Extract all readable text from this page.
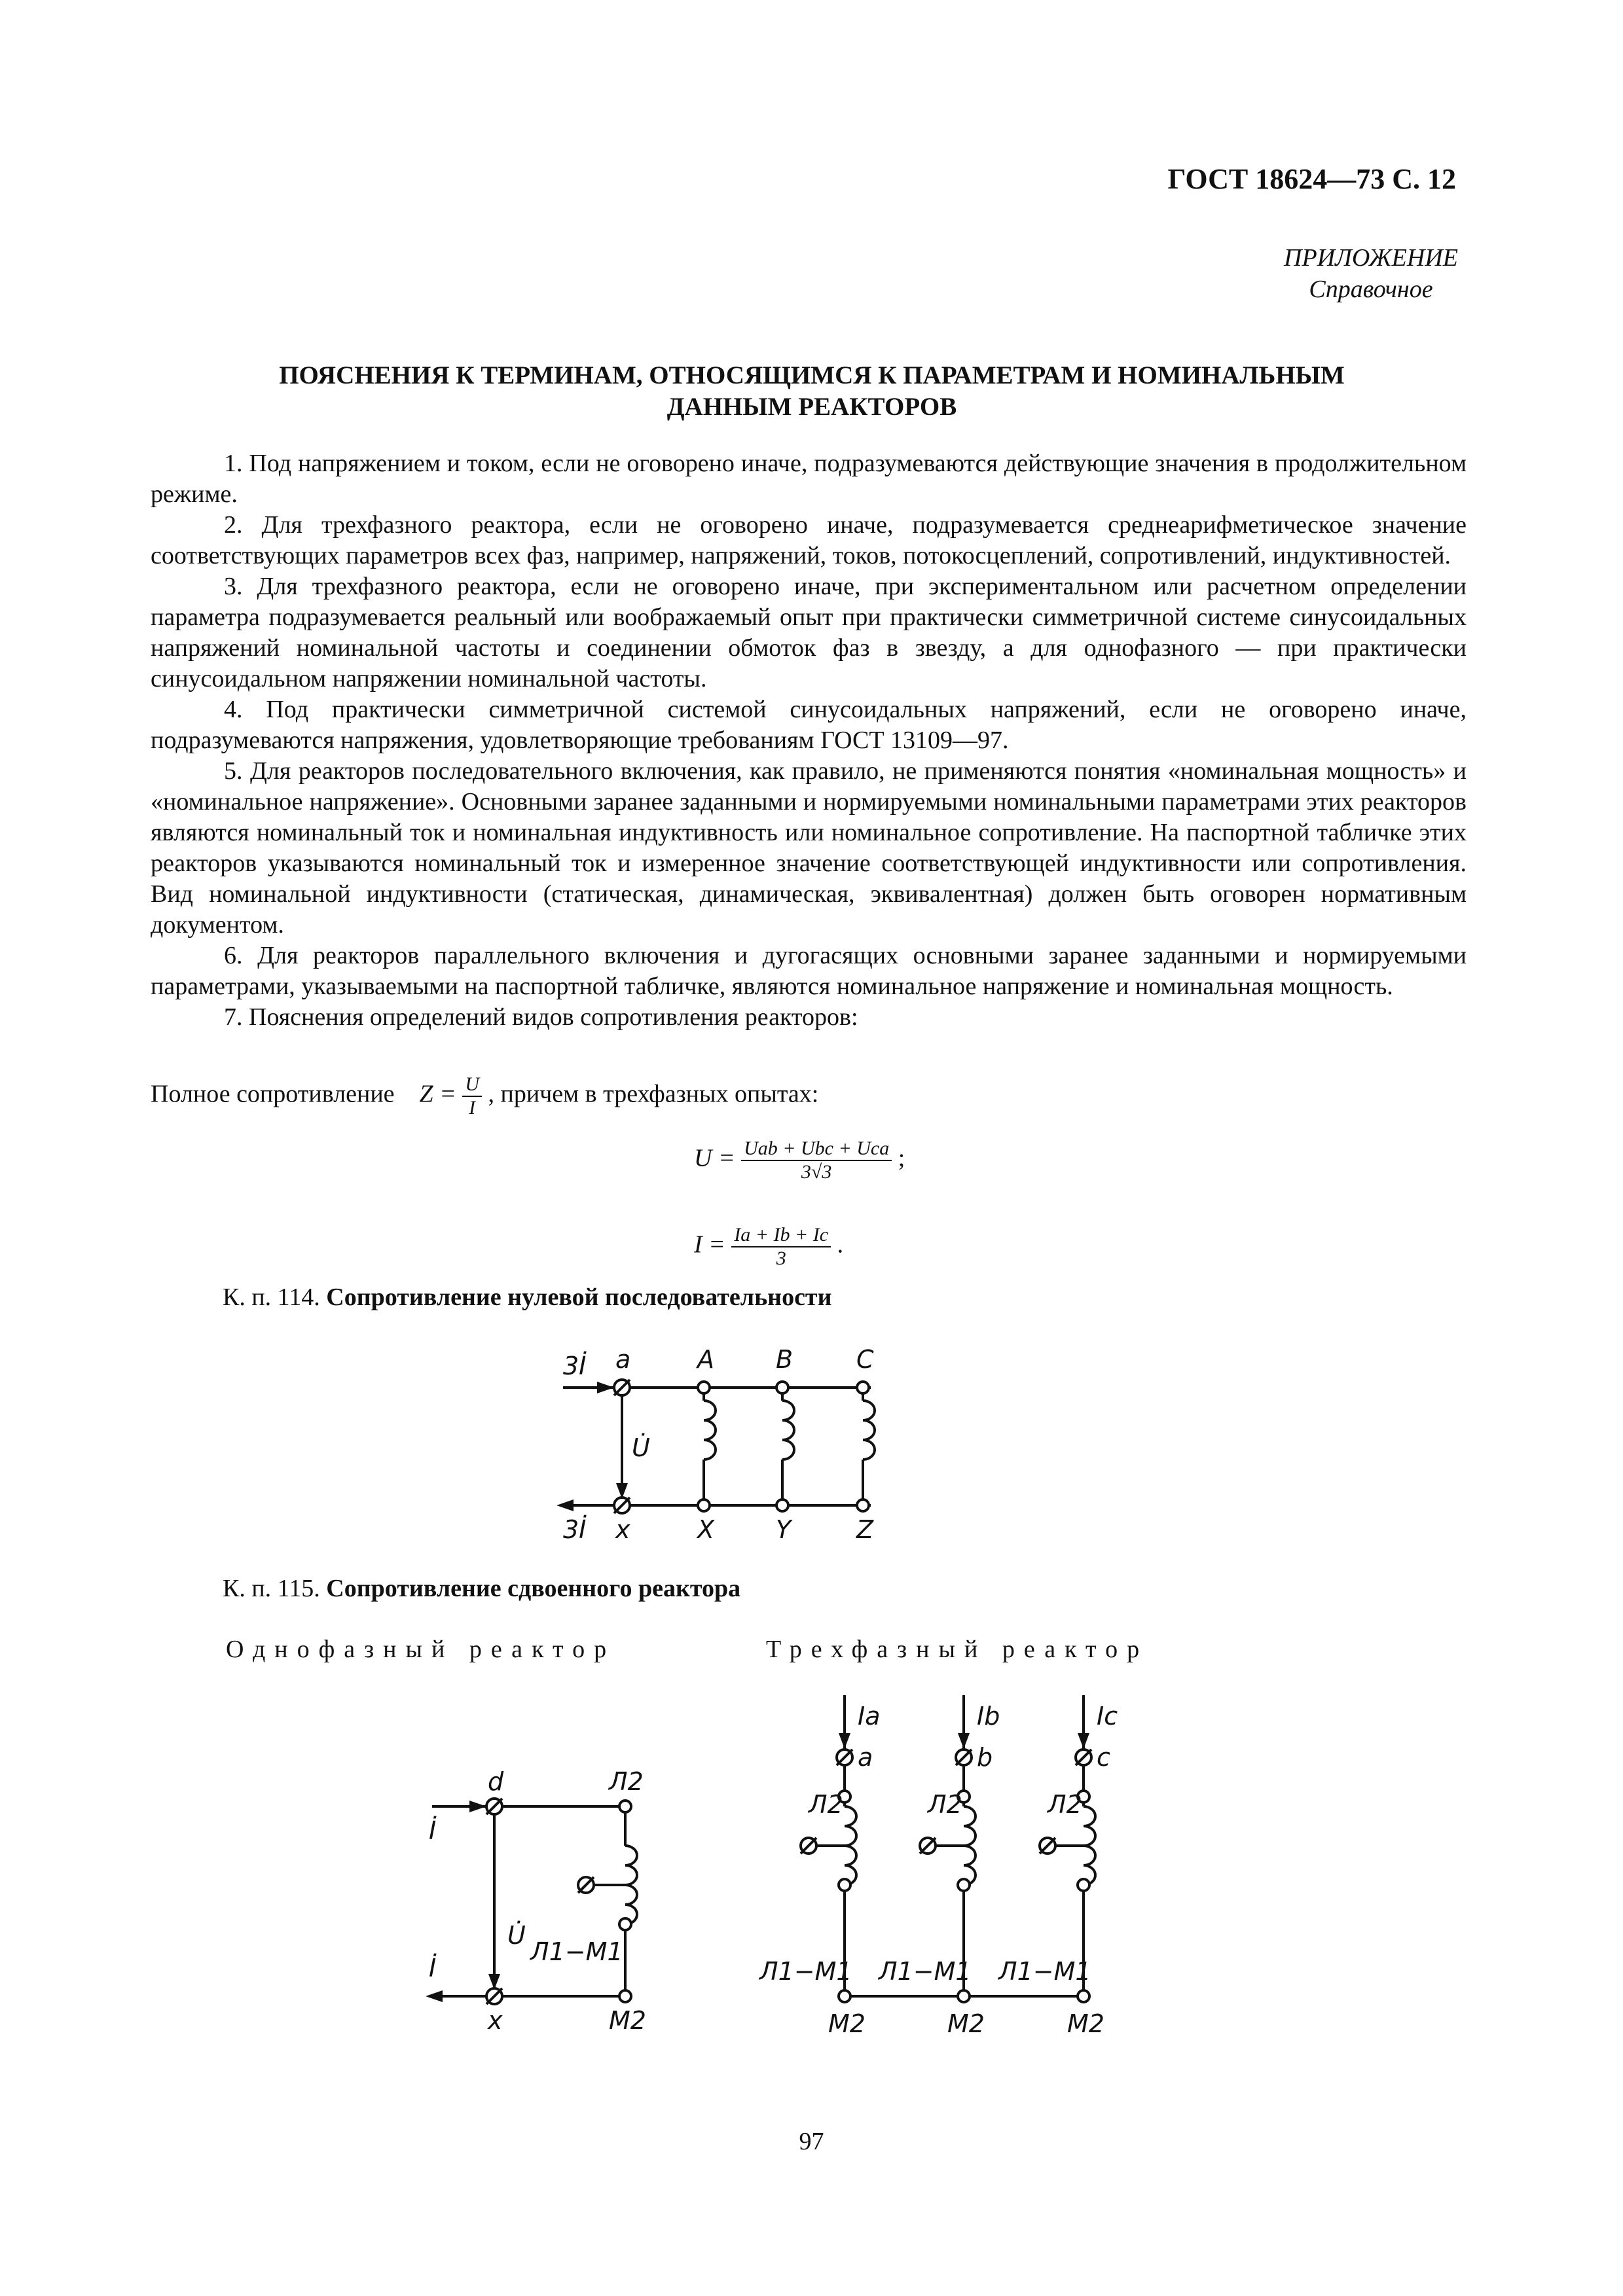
ГОСТ 18624—73 С. 12
ПРИЛОЖЕНИЕ
Справочное
ПОЯСНЕНИЯ К ТЕРМИНАМ, ОТНОСЯЩИМСЯ К ПАРАМЕТРАМ И НОМИНАЛЬНЫМ
ДАННЫМ РЕАКТОРОВ

1. Под напряжением и током, если не оговорено иначе, подразумеваются действующие значения в продолжительном режиме.

2. Для трехфазного реактора, если не оговорено иначе, подразумевается среднеарифметическое значение соответствующих параметров всех фаз, например, напряжений, токов, потокосцеплений, сопротивлений, индуктивностей.

3. Для трехфазного реактора, если не оговорено иначе, при экспериментальном или расчетном определении параметра подразумевается реальный или воображаемый опыт при практически симметричной системе синусоидальных напряжений номинальной частоты и соединении обмоток фаз в звезду, а для однофазного — при практически синусоидальном напряжении номинальной частоты.

4. Под практически симметричной системой синусоидальных напряжений, если не оговорено иначе, подразумеваются напряжения, удовлетворяющие требованиям ГОСТ 13109—97.

5. Для реакторов последовательного включения, как правило, не применяются понятия «номинальная мощность» и «номинальное напряжение». Основными заранее заданными и нормируемыми номинальными параметрами этих реакторов являются номинальный ток и номинальная индуктивность или номинальное сопротивление. На паспортной табличке этих реакторов указываются номинальный ток и измеренное значение соответствующей индуктивности или сопротивления. Вид номинальной индуктивности (статическая, динамическая, эквивалентная) должен быть оговорен нормативным документом.

6. Для реакторов параллельного включения и дугогасящих основными заранее заданными и нормируемыми параметрами, указываемыми на паспортной табличке, являются номинальное напряжение и номинальная мощность.

7. Пояснения определений видов сопротивления реакторов:

Полное сопротивление $Z = \frac{U}{I}$ , причем в трехфазных опытах:
$U = \frac{\text{Uab + Ubc + Uca}}{3√3}$ ;
$I = \frac{Ia + Ib + Ic}{3}$ .
К. п. 114. Сопротивление нулевой последовательности
3İ
3İ
U̇
a	A B	C
x	X Y	Z
К. п. 115. Сопротивление сдвоенного реактора
Однофазный реактор	Трехфазный реактор
İ
İ
U̇
d
x
Л2
Л1−М1
М2
Ia	Ib	Ic
a	b	c
Л2	Л2	Л2
Л1−М1 Л1−М1 Л1−М1
М2	М2	М2
97
